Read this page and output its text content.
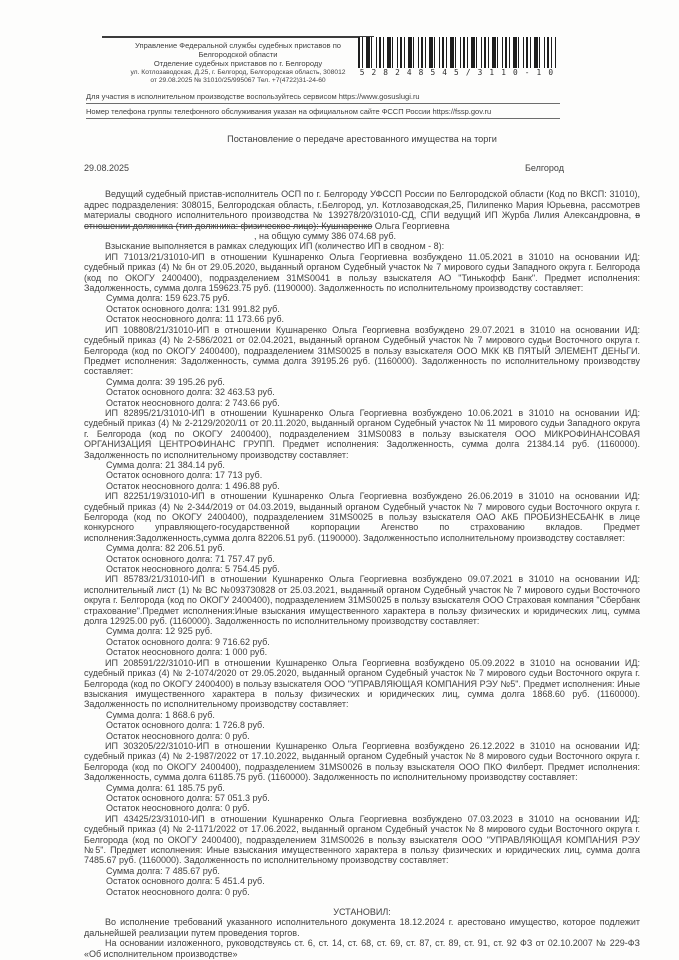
5 2 8 2 4 8 5 4 5 / 3 1 1 0 - 1 0
Управление Федеральной службы судебных приставов по
Белгородской области
Отделение судебных приставов по г. Белгороду
ул. Котлозаводская, Д.25, г. Белгород, Белгородская область, 308012
от 29.08.2025 № 31010/25/995067 Тел. +7(4722)31-24-60
Для участия в исполнительном производстве воспользуйтесь сервисом https://www.gosuslugi.ru
Номер телефона группы телефонного обслуживания указан на официальном сайте ФССП России https://fssp.gov.ru
Постановление о передаче арестованного имущества на торги
29.08.2025	Белгород

Ведущий судебный пристав-исполнитель ОСП по г. Белгороду УФССП России по Белгородской области (Код по ВКСП: 31010), адрес подразделения: 308015, Белгородская область, г.Белгород, ул. Котлозаводская,25, Пилипенко Мария Юрьевна, рассмотрев материалы сводного исполнительного производства № 139278/20/31010-СД, СПИ ведущий ИП Журба Лилия Александровна, в отношении должника (тип должника: физическое лицо): Кушнаренко Ольга Георгиевна

, на общую сумму 386 074.68 руб.

Взыскание выполняется в рамках следующих ИП (количество ИП в сводном - 8):

ИП 71013/21/31010-ИП в отношении Кушнаренко Ольга Георгиевна возбуждено 11.05.2021 в 31010 на основании ИД: судебный приказ (4) № бн от 29.05.2020, выданный органом Судебный участок № 7 мирового судьи Западного округа г. Белгорода (код по ОКОГУ 2400400), подразделением 31MS0041 в пользу взыскателя АО "Тинькофф Банк". Предмет исполнения: Задолженность, сумма долга 159623.75 руб. (1190000). Задолженность по исполнительному производству составляет:

Сумма долга: 159 623.75 руб.
Остаток основного долга: 131 991.82 руб.
Остаток неосновного долга: 11 173.66 руб.

ИП 108808/21/31010-ИП в отношении Кушнаренко Ольга Георгиевна возбуждено 29.07.2021 в 31010 на основании ИД: судебный приказ (4) № 2-586/2021 от 02.04.2021, выданный органом Судебный участок № 7 мирового судьи Восточного округа г. Белгорода (код по ОКОГУ 2400400), подразделением 31MS0025 в пользу взыскателя ООО МКК КВ ПЯТЫЙ ЭЛЕМЕНТ ДЕНЬГИ. Предмет исполнения: Задолженность, сумма долга 39195.26 руб. (1160000). Задолженность по исполнительному производству составляет:

Сумма долга: 39 195.26 руб.
Остаток основного долга: 32 463.53 руб.
Остаток неосновного долга: 2 743.66 руб.

ИП 82895/21/31010-ИП в отношении Кушнаренко Ольга Георгиевна возбуждено 10.06.2021 в 31010 на основании ИД: судебный приказ (4) № 2-2129/2020/11 от 20.11.2020, выданный органом Судебный участок № 11 мирового судьи Западного округа г. Белгорода (код по ОКОГУ 2400400), подразделением 31MS0083 в пользу взыскателя ООО МИКРОФИНАНСОВАЯ ОРГАНИЗАЦИЯ ЦЕНТРОФИНАНС ГРУПП. Предмет исполнения: Задолженность, сумма долга 21384.14 руб. (1160000). Задолженность по исполнительному производству составляет:

Сумма долга: 21 384.14 руб.
Остаток основного долга: 17 713 руб.
Остаток неосновного долга: 1 496.88 руб.

ИП 82251/19/31010-ИП в отношении Кушнаренко Ольга Георгиевна возбуждено 26.06.2019 в 31010 на основании ИД: судебный приказ (4) № 2-344/2019 от 04.03.2019, выданный органом Судебный участок № 7 мирового судьи Восточного округа г. Белгорода (код по ОКОГУ 2400400), подразделением 31MS0025 в пользу взыскателя ОАО АКБ ПРОБИЗНЕСБАНК в лице конкурсного управляющего-государственной корпорации Агенство по страхованию вкладов. Предмет исполнения:Задолженность,сумма долга 82206.51 руб. (1190000). Задолженностьпо исполнительному производству составляет:

Сумма долга: 82 206.51 руб.
Остаток основного долга: 71 757.47 руб.
Остаток неосновного долга: 5 754.45 руб.

ИП 85783/21/31010-ИП в отношении Кушнаренко Ольга Георгиевна возбуждено 09.07.2021 в 31010 на основании ИД: исполнительный лист (1) № ВС №093730828 от 25.03.2021, выданный органом Судебный участок № 7 мирового судьи Восточного округа г. Белгорода (код по ОКОГУ 2400400), подразделением 31MS0025 в пользу взыскателя ООО Страховая компания "Сбербанк страхование".Предмет исполнения:Иные взыскания имущественного характера в пользу физических и юридических лиц, сумма долга 12925.00 руб. (1160000). Задолженность по исполнительному производству составляет:

Сумма долга: 12 925 руб.
Остаток основного долга: 9 716.62 руб.
Остаток неосновного долга: 1 000 руб.

ИП 208591/22/31010-ИП в отношении Кушнаренко Ольга Георгиевна возбуждено 05.09.2022 в 31010 на основании ИД: судебный приказ (4) № 2-1074/2020 от 29.05.2020, выданный органом Судебный участок № 7 мирового судьи Восточного округа г. Белгорода (код по ОКОГУ 2400400) в пользу взыскателя ООО "УПРАВЛЯЮЩАЯ КОМПАНИЯ РЭУ №5". Предмет исполнения: Иные взыскания имущественного характера в пользу физических и юридических лиц, сумма долга 1868.60 руб. (1160000). Задолженность по исполнительному производству составляет:

Сумма долга: 1 868.6 руб.
Остаток основного долга: 1 726.8 руб.
Остаток неосновного долга: 0 руб.

ИП 303205/22/31010-ИП в отношении Кушнаренко Ольга Георгиевна возбуждено 26.12.2022 в 31010 на основании ИД: судебный приказ (4) № 2-1987/2022 от 17.10.2022, выданный органом Судебный участок № 8 мирового судьи Восточного округа г. Белгорода (код по ОКОГУ 2400400), подразделением 31MS0026 в пользу взыскателя ООО ПКО Филберт. Предмет исполнения: Задолженность, сумма долга 61185.75 руб. (1160000). Задолженность по исполнительному производству составляет:

Сумма долга: 61 185.75 руб.
Остаток основного долга: 57 051.3 руб.
Остаток неосновного долга: 0 руб.

ИП 43425/23/31010-ИП в отношении Кушнаренко Ольга Георгиевна возбуждено 07.03.2023 в 31010 на основании ИД: судебный приказ (4) № 2-1171/2022 от 17.06.2022, выданный органом Судебный участок № 8 мирового судьи Восточного округа г. Белгорода (код по ОКОГУ 2400400), подразделением 31MS0026 в пользу взыскателя ООО "УПРАВЛЯЮЩАЯ КОМПАНИЯ РЭУ №5". Предмет исполнения: Иные взыскания имущественного характера в пользу физических и юридических лиц, сумма долга 7485.67 руб. (1160000). Задолженность по исполнительному производству составляет:

Сумма долга: 7 485.67 руб.
Остаток основного долга: 5 451.4 руб.
Остаток неосновного долга: 0 руб.
УСТАНОВИЛ:

Во исполнение требований указанного исполнительного документа 18.12.2024 г. арестовано имущество, которое подлежит дальнейшей реализации путем проведения торгов.

На основании изложенного, руководствуясь ст. 6, ст. 14, ст. 68, ст. 69, ст. 87, ст. 89, ст. 91, ст. 92 ФЗ от 02.10.2007 № 229-ФЗ «Об исполнительном производстве»
